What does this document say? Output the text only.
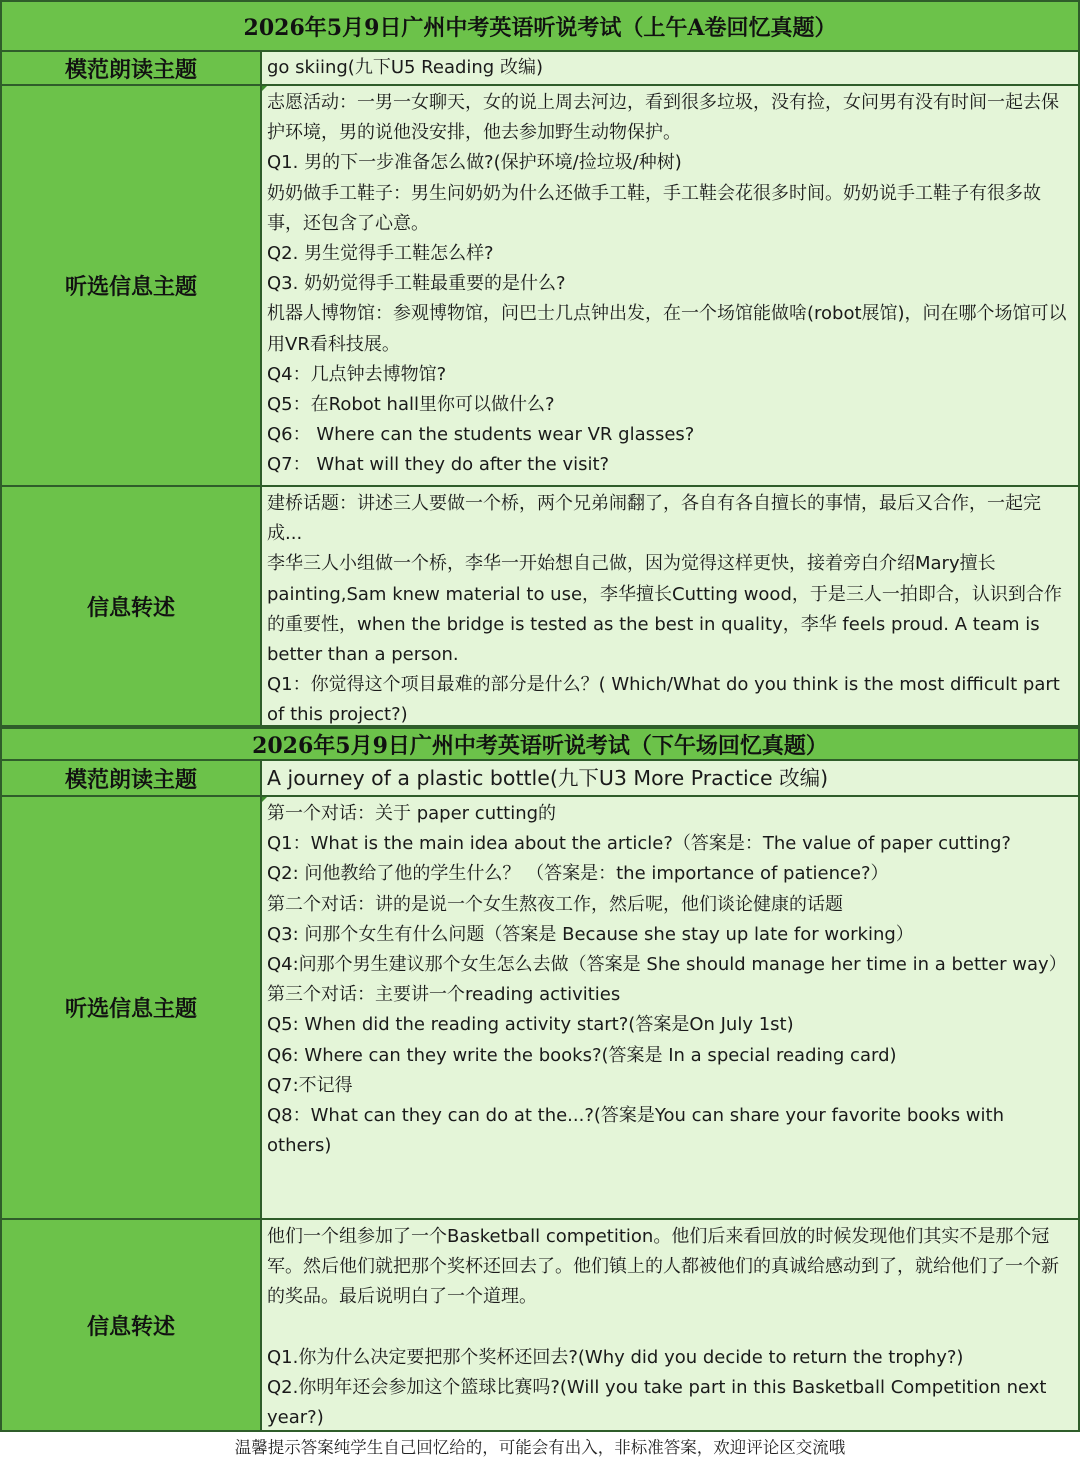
2026年5月9日广州中考英语听说考试（上午A卷回忆真题）
模范朗读主题	go skiing(九下U5 Reading 改编)
听选信息主题
志愿活动：一男一女聊天，女的说上周去河边，看到很多垃圾，没有捡，女问男有没有时间一起去保护环境，男的说他没安排，他去参加野生动物保护。
Q1. 男的下一步准备怎么做?(保护环境/捡垃圾/种树)
奶奶做手工鞋子：男生问奶奶为什么还做手工鞋，手工鞋会花很多时间。奶奶说手工鞋子有很多故事，还包含了心意。
Q2. 男生觉得手工鞋怎么样?
Q3. 奶奶觉得手工鞋最重要的是什么?
机器人博物馆：参观博物馆，问巴士几点钟出发，在一个场馆能做啥(robot展馆)，问在哪个场馆可以用VR看科技展。
Q4：几点钟去博物馆?
Q5：在Robot hall里你可以做什么?
Q6： Where can the students wear VR glasses?
Q7： What will they do after the visit?
信息转述
建桥话题：讲述三人要做一个桥，两个兄弟闹翻了，各自有各自擅长的事情，最后又合作，一起完成...
李华三人小组做一个桥，李华一开始想自己做，因为觉得这样更快，接着旁白介绍Mary擅长painting,Sam knew material to use，李华擅长Cutting wood，于是三人一拍即合，认识到合作的重要性，when the bridge is tested as the best in quality，李华 feels proud. A team is better than a person.
Q1：你觉得这个项目最难的部分是什么？( Which/What do you think is the most difficult part of this project?)
2026年5月9日广州中考英语听说考试（下午场回忆真题）
模范朗读主题	A journey of a plastic bottle(九下U3 More Practice 改编)
听选信息主题
第一个对话：关于 paper cutting的
Q1：What is the main idea about the article?（答案是：The value of paper cutting?
Q2: 问他教给了他的学生什么？ （答案是：the importance of patience?）
第二个对话：讲的是说一个女生熬夜工作，然后呢，他们谈论健康的话题
Q3: 问那个女生有什么问题（答案是 Because she stay up late for working）
Q4:问那个男生建议那个女生怎么去做（答案是 She should manage her time in a better way）
第三个对话：主要讲一个reading activities
Q5: When did the reading activity start?(答案是On July 1st)
Q6: Where can they write the books?(答案是 In a special reading card)
Q7:不记得
Q8：What can they can do at the...?(答案是You can share your favorite books with others)
信息转述
他们一个组参加了一个Basketball competition。他们后来看回放的时候发现他们其实不是那个冠军。然后他们就把那个奖杯还回去了。他们镇上的人都被他们的真诚给感动到了，就给他们了一个新的奖品。最后说明白了一个道理。
Q1.你为什么决定要把那个奖杯还回去?(Why did you decide to return the trophy?)
Q2.你明年还会参加这个篮球比赛吗?(Will you take part in this Basketball Competition next year?)
温馨提示答案纯学生自己回忆给的，可能会有出入，非标准答案，欢迎评论区交流哦
